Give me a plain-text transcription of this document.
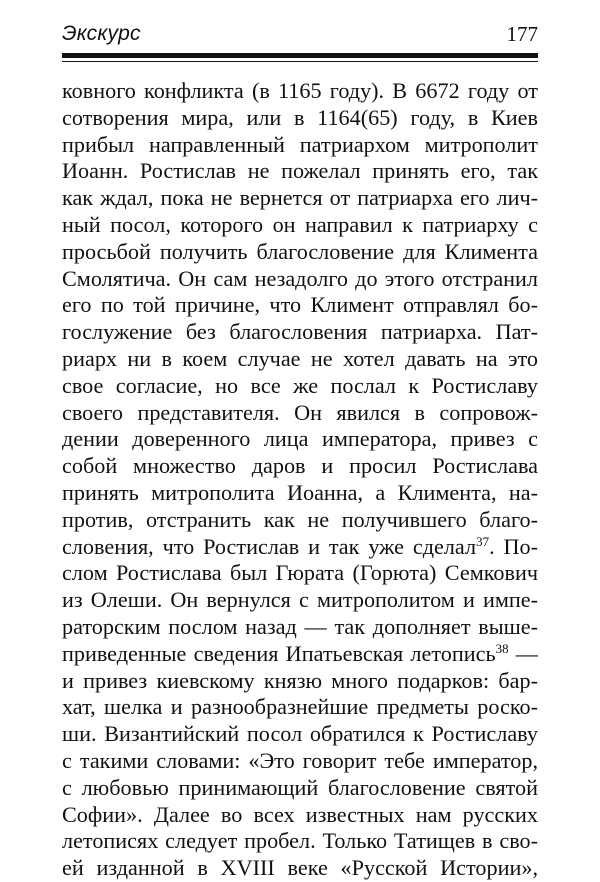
Экскурс	177
ковного конфликта (в 1165 году). В 6672 году от
сотворения мира, или в 1164(65) году, в Киев
прибыл направленный патриархом митрополит
Иоанн. Ростислав не пожелал принять его, так
как ждал, пока не вернется от патриарха его лич-
ный посол, которого он направил к патриарху с
просьбой получить благословение для Климента
Смолятича. Он сам незадолго до этого отстранил
его по той причине, что Климент отправлял бо-
гослужение без благословения патриарха. Пат-
риарх ни в коем случае не хотел давать на это
свое согласие, но все же послал к Ростиславу
своего представителя. Он явился в сопровож-
дении доверенного лица императора, привез с
собой множество даров и просил Ростислава
принять митрополита Иоанна, а Климента, на-
против, отстранить как не получившего благо-
словения, что Ростислав и так уже сделал$^{37}$. По-
слом Ростислава был Гюрата (Горюта) Семкович
из Олеши. Он вернулся с митрополитом и импе-
раторским послом назад — так дополняет выше-
приведенные сведения Ипатьевская летопись$^{38}$ —
и привез киевскому князю много подарков: бар-
хат, шелка и разнообразнейшие предметы роско-
ши. Византийский посол обратился к Ростиславу
с такими словами: «Это говорит тебе император,
с любовью принимающий благословение святой
Софии». Далее во всех известных нам русских
летописях следует пробел. Только Татищев в сво-
ей изданной в XVIII веке «Русской Истории»,
